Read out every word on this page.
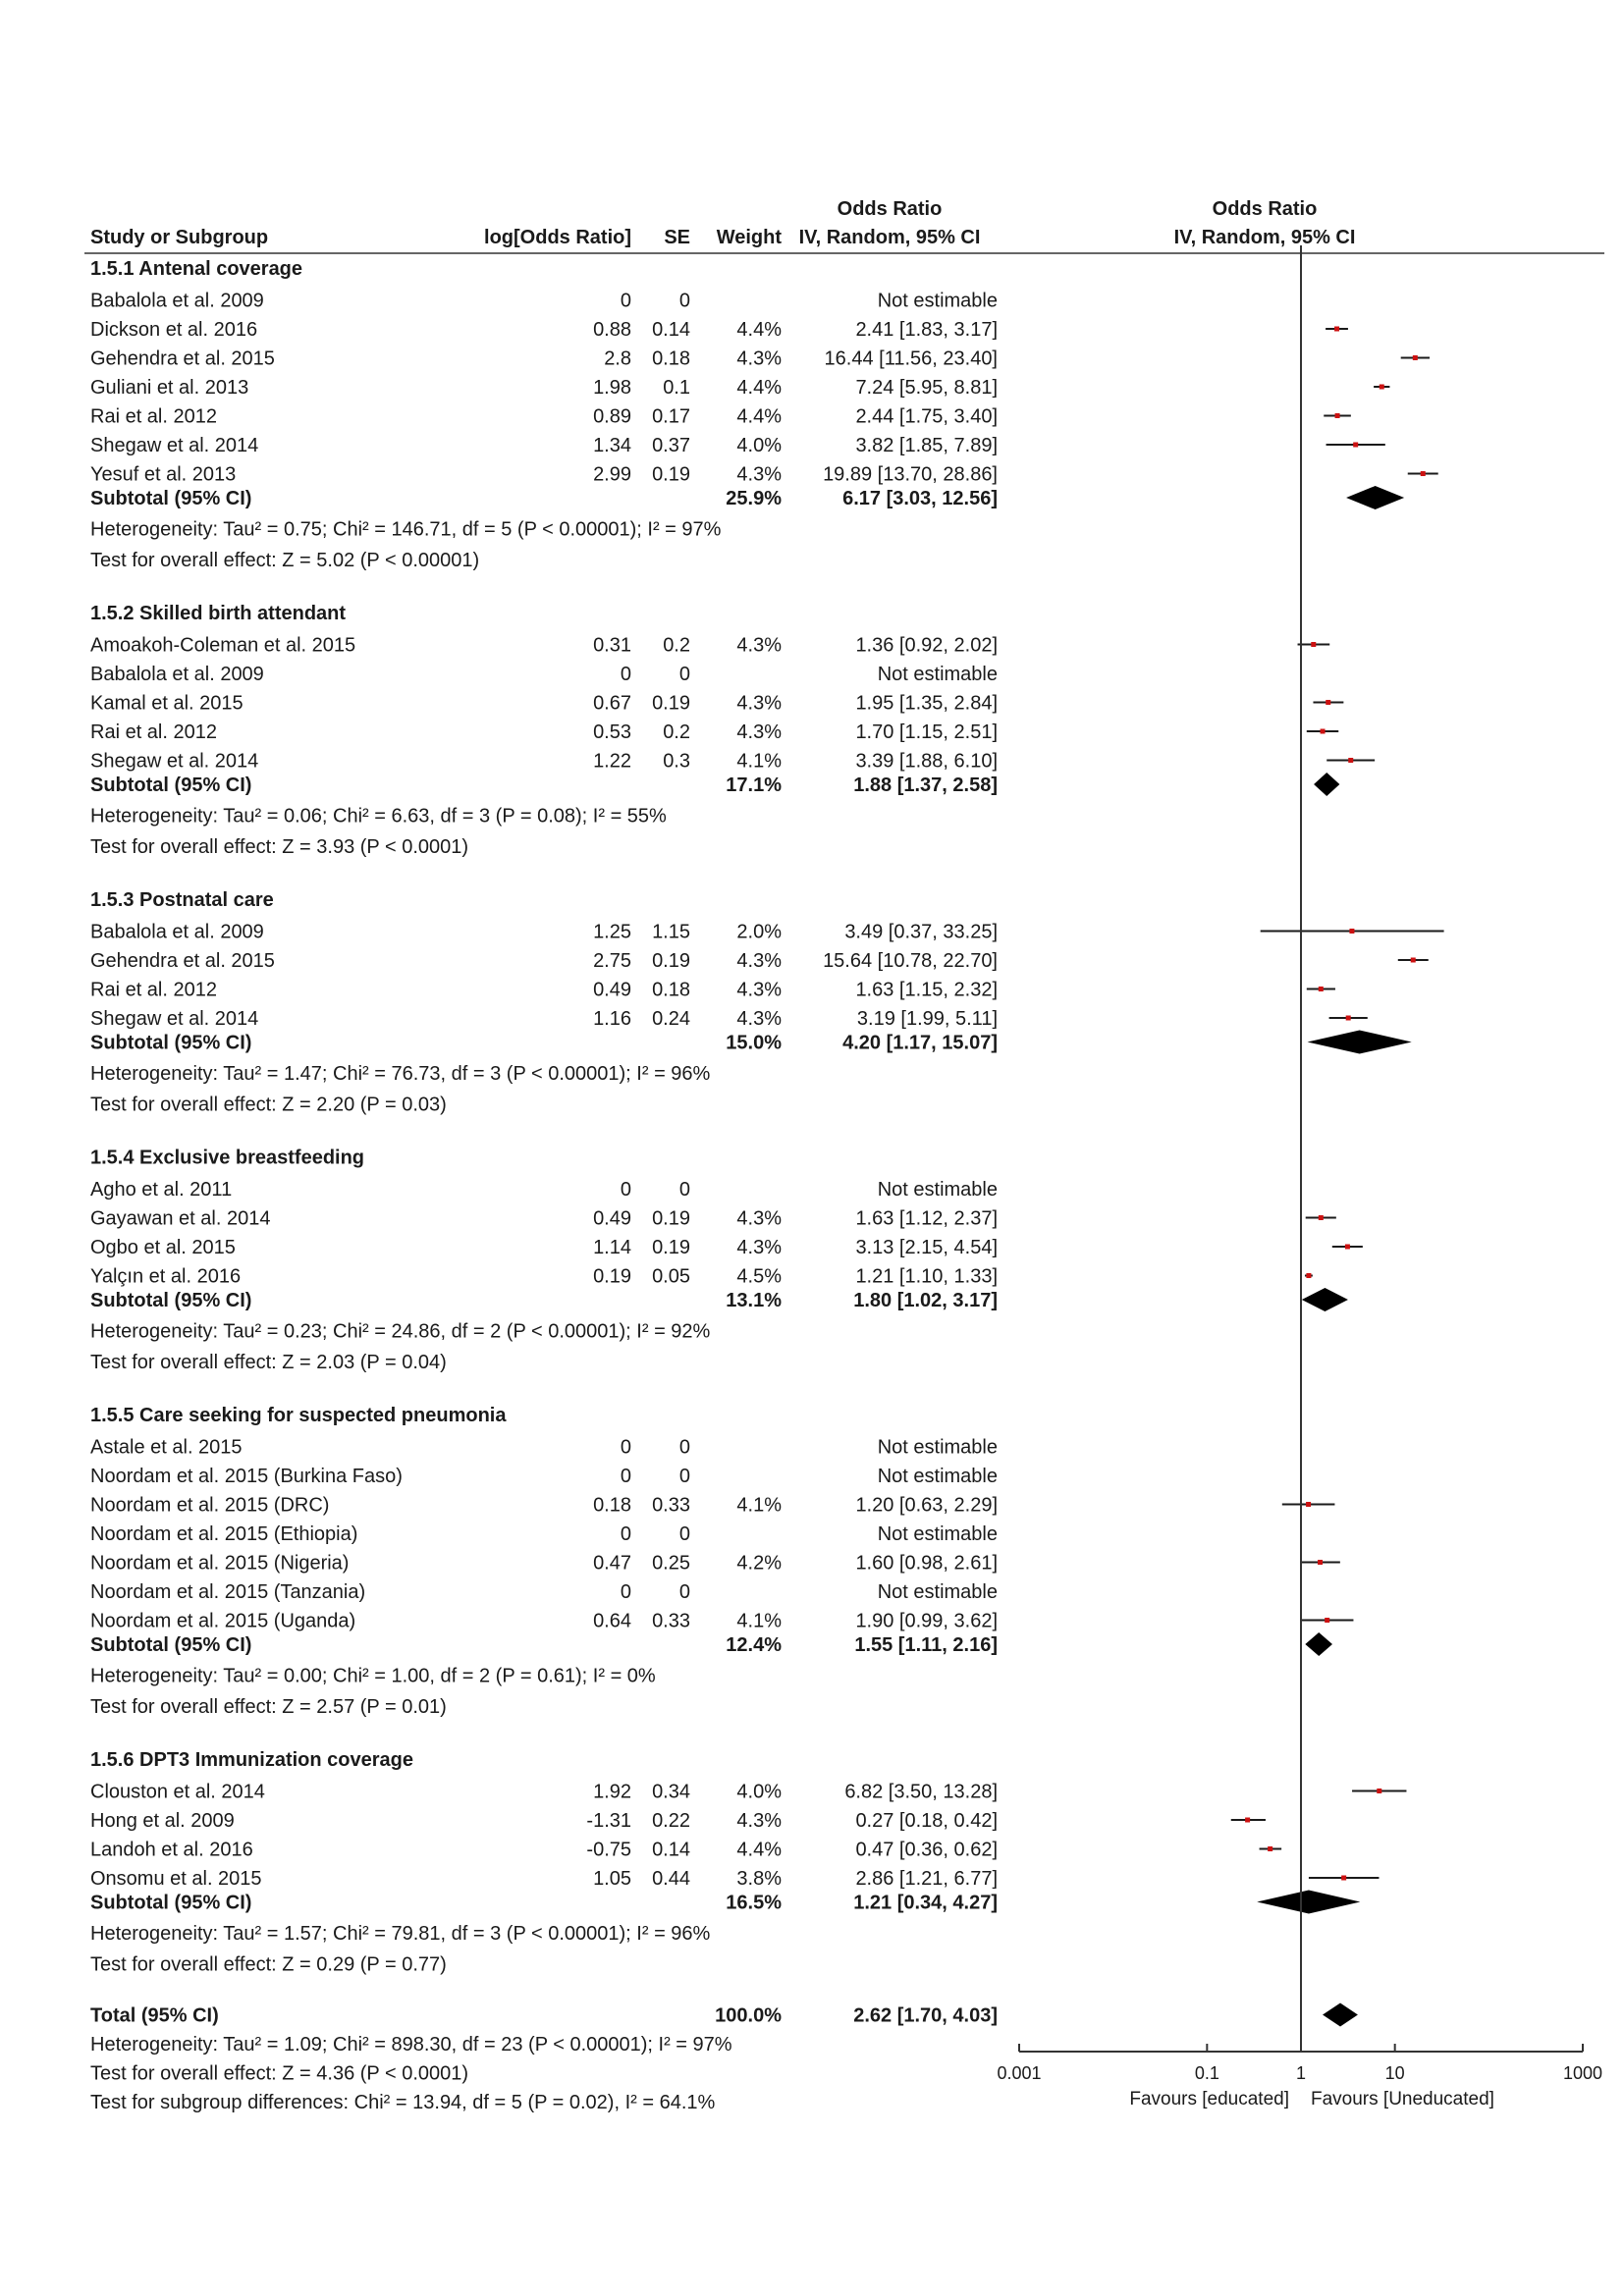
Odds Ratio	Odds Ratio
Study or Subgroup	log[Odds Ratio] SE Weight IV, Random, 95% CI	IV, Random, 95% CI
1.5.1 Antenal coverage
Babalola et al. 2009	0 0	Not estimable
Dickson et al. 2016	0.88 0.14 4.4%	2.41 [1.83, 3.17]
Gehendra et al. 2015	2.8 0.18 4.3% 16.44 [11.56, 23.40]
Guliani et al. 2013	1.98 0.1 4.4%	7.24 [5.95, 8.81]
Rai et al. 2012	0.89 0.17 4.4%	2.44 [1.75, 3.40]
Shegaw et al. 2014	1.34 0.37 4.0%	3.82 [1.85, 7.89]
Yesuf et al. 2013	2.99 0.19 4.3% 19.89 [13.70, 28.86]
Subtotal (95% CI)	25.9%	6.17 [3.03, 12.56]
Heterogeneity: Tau² = 0.75; Chi² = 146.71, df = 5 (P < 0.00001); I² = 97%
Test for overall effect: Z = 5.02 (P < 0.00001)
1.5.2 Skilled birth attendant
Amoakoh-Coleman et al. 2015	0.31 0.2 4.3%	1.36 [0.92, 2.02]
Babalola et al. 2009	0 0	Not estimable
Kamal et al. 2015	0.67 0.19 4.3%	1.95 [1.35, 2.84]
Rai et al. 2012	0.53 0.2 4.3%	1.70 [1.15, 2.51]
Shegaw et al. 2014	1.22 0.3 4.1%	3.39 [1.88, 6.10]
Subtotal (95% CI)	17.1%	1.88 [1.37, 2.58]
Heterogeneity: Tau² = 0.06; Chi² = 6.63, df = 3 (P = 0.08); I² = 55%
Test for overall effect: Z = 3.93 (P < 0.0001)
1.5.3 Postnatal care
Babalola et al. 2009	1.25 1.15 2.0%	3.49 [0.37, 33.25]
Gehendra et al. 2015	2.75 0.19 4.3% 15.64 [10.78, 22.70]
Rai et al. 2012	0.49 0.18 4.3%	1.63 [1.15, 2.32]
Shegaw et al. 2014	1.16 0.24 4.3%	3.19 [1.99, 5.11]
Subtotal (95% CI)	15.0%	4.20 [1.17, 15.07]
Heterogeneity: Tau² = 1.47; Chi² = 76.73, df = 3 (P < 0.00001); I² = 96%
Test for overall effect: Z = 2.20 (P = 0.03)
1.5.4 Exclusive breastfeeding
Agho et al. 2011	0 0	Not estimable
Gayawan et al. 2014	0.49 0.19 4.3%	1.63 [1.12, 2.37]
Ogbo et al. 2015	1.14 0.19 4.3%	3.13 [2.15, 4.54]
Yalçın et al. 2016	0.19 0.05 4.5%	1.21 [1.10, 1.33]
Subtotal (95% CI)	13.1%	1.80 [1.02, 3.17]
Heterogeneity: Tau² = 0.23; Chi² = 24.86, df = 2 (P < 0.00001); I² = 92%
Test for overall effect: Z = 2.03 (P = 0.04)
1.5.5 Care seeking for suspected pneumonia
Astale et al. 2015	0 0	Not estimable
Noordam et al. 2015 (Burkina Faso)	0 0	Not estimable
Noordam et al. 2015 (DRC)	0.18 0.33 4.1%	1.20 [0.63, 2.29]
Noordam et al. 2015 (Ethiopia)	0 0	Not estimable
Noordam et al. 2015 (Nigeria)	0.47 0.25 4.2%	1.60 [0.98, 2.61]
Noordam et al. 2015 (Tanzania)	0 0	Not estimable
Noordam et al. 2015 (Uganda)	0.64 0.33 4.1%	1.90 [0.99, 3.62]
Subtotal (95% CI)	12.4%	1.55 [1.11, 2.16]
Heterogeneity: Tau² = 0.00; Chi² = 1.00, df = 2 (P = 0.61); I² = 0%
Test for overall effect: Z = 2.57 (P = 0.01)
1.5.6 DPT3 Immunization coverage
Clouston et al. 2014	1.92 0.34 4.0%	6.82 [3.50, 13.28]
Hong et al. 2009	-1.31 0.22 4.3%	0.27 [0.18, 0.42]
Landoh et al. 2016	-0.75 0.14 4.4%	0.47 [0.36, 0.62]
Onsomu et al. 2015	1.05 0.44 3.8%	2.86 [1.21, 6.77]
Subtotal (95% CI)	16.5%	1.21 [0.34, 4.27]
Heterogeneity: Tau² = 1.57; Chi² = 79.81, df = 3 (P < 0.00001); I² = 96%
Test for overall effect: Z = 0.29 (P = 0.77)
Total (95% CI)	100.0%	2.62 [1.70, 4.03]
Heterogeneity: Tau² = 1.09; Chi² = 898.30, df = 23 (P < 0.00001); I² = 97%
Test for overall effect: Z = 4.36 (P < 0.0001)
Test for subgroup differences: Chi² = 13.94, df = 5 (P = 0.02), I² = 64.1%
0.001	0.1	1	10	1000
Favours [educated] Favours [Uneducated]
